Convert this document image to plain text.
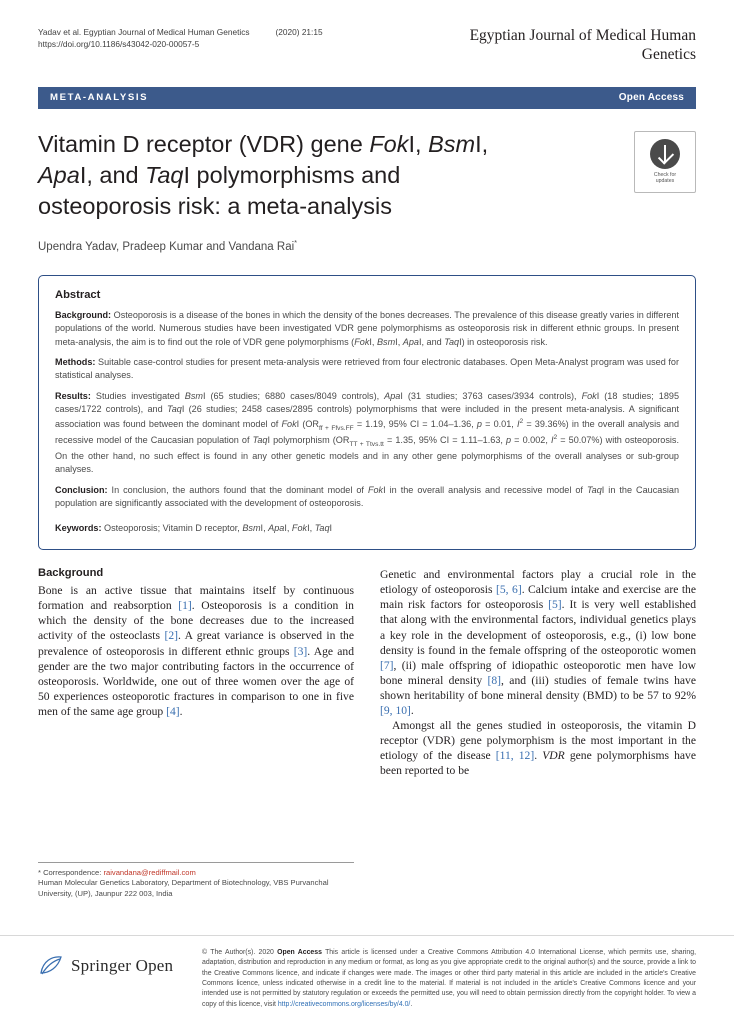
Yadav et al. Egyptian Journal of Medical Human Genetics	(2020) 21:15
https://doi.org/10.1186/s43042-020-00057-5
Egyptian Journal of Medical Human Genetics
META-ANALYSIS	Open Access
Vitamin D receptor (VDR) gene FokI, BsmI,
ApaI, and TaqI polymorphisms and
osteoporosis risk: a meta-analysis
Check for
updates
Upendra Yadav, Pradeep Kumar and Vandana Rai*
Abstract

Background: Osteoporosis is a disease of the bones in which the density of the bones decreases. The prevalence of this disease greatly varies in different populations of the world. Numerous studies have been investigated VDR gene polymorphisms as osteoporosis risk in different ethnic groups. In present meta-analysis, the aim is to find out the role of VDR gene polymorphisms (FokI, BsmI, ApaI, and TaqI) in osteoporosis risk.

Methods: Suitable case-control studies for present meta-analysis were retrieved from four electronic databases. Open Meta-Analyst program was used for statistical analyses.

Results: Studies investigated BsmI (65 studies; 6880 cases/8049 controls), ApaI (31 studies; 3763 cases/3934 controls), FokI (18 studies; 1895 cases/1722 controls), and TaqI (26 studies; 2458 cases/2895 controls) polymorphisms that were included in the present meta-analysis. A significant association was found between the dominant model of FokI ($OR_{ff + Ffvs.FF} = 1.19$, 95% CI = 1.04–1.36, p = 0.01, $I^2 = 39.36\%$) in the overall analysis and recessive model of the Caucasian population of TaqI polymorphism ($OR_{TT + Ttvs.tt} = 1.35$, 95% CI = 1.11–1.63, p = 0.002, $I^2 = 50.07\%$) with osteoporosis. On the other hand, no such effect is found in any other genetic models and in any other gene polymorphisms of the overall analyses or sub-group analyses.

Conclusion: In conclusion, the authors found that the dominant model of FokI in the overall analysis and recessive model of TaqI in the Caucasian population are significantly associated with the development of osteoporosis.

Keywords: Osteoporosis; Vitamin D receptor, BsmI, ApaI, FokI, TaqI

Background

Bone is an active tissue that maintains itself by continuous formation and reabsorption [1]. Osteoporosis is a condition in which the density of the bone decreases due to the increased activity of the osteoclasts [2]. A great variance is observed in the prevalence of osteoporosis in different ethnic groups [3]. Age and gender are the two major contributing factors in the occurrence of osteoporosis. Worldwide, one out of three women over the age of 50 experiences osteoporotic fractures in comparison to one in five men of the same age group [4].

Genetic and environmental factors play a crucial role in the etiology of osteoporosis [5, 6]. Calcium intake and exercise are the main risk factors for osteoporosis [5]. It is very well established that along with the environmental factors, individual genetics plays a key role in the development of osteoporosis, e.g., (i) low bone density is found in the female offspring of the osteoporotic women [7], (ii) male offspring of idiopathic osteoporotic men have low bone mineral density [8], and (iii) studies of female twins have shown heritability of bone mineral density (BMD) to be 57 to 92% [9, 10].

Amongst all the genes studied in osteoporosis, the vitamin D receptor (VDR) gene polymorphism is the most important in the etiology of the disease [11, 12]. VDR gene polymorphisms have been reported to be

* Correspondence: raivandana@rediffmail.com
Human Molecular Genetics Laboratory, Department of Biotechnology, VBS Purvanchal University, (UP), Jaunpur 222 003, India
Springer Open
© The Author(s). 2020 Open Access This article is licensed under a Creative Commons Attribution 4.0 International License, which permits use, sharing, adaptation, distribution and reproduction in any medium or format, as long as you give appropriate credit to the original author(s) and the source, provide a link to the Creative Commons licence, and indicate if changes were made. The images or other third party material in this article are included in the article's Creative Commons licence, unless indicated otherwise in a credit line to the material. If material is not included in the article's Creative Commons licence and your intended use is not permitted by statutory regulation or exceeds the permitted use, you will need to obtain permission directly from the copyright holder. To view a copy of this licence, visit http://creativecommons.org/licenses/by/4.0/.
